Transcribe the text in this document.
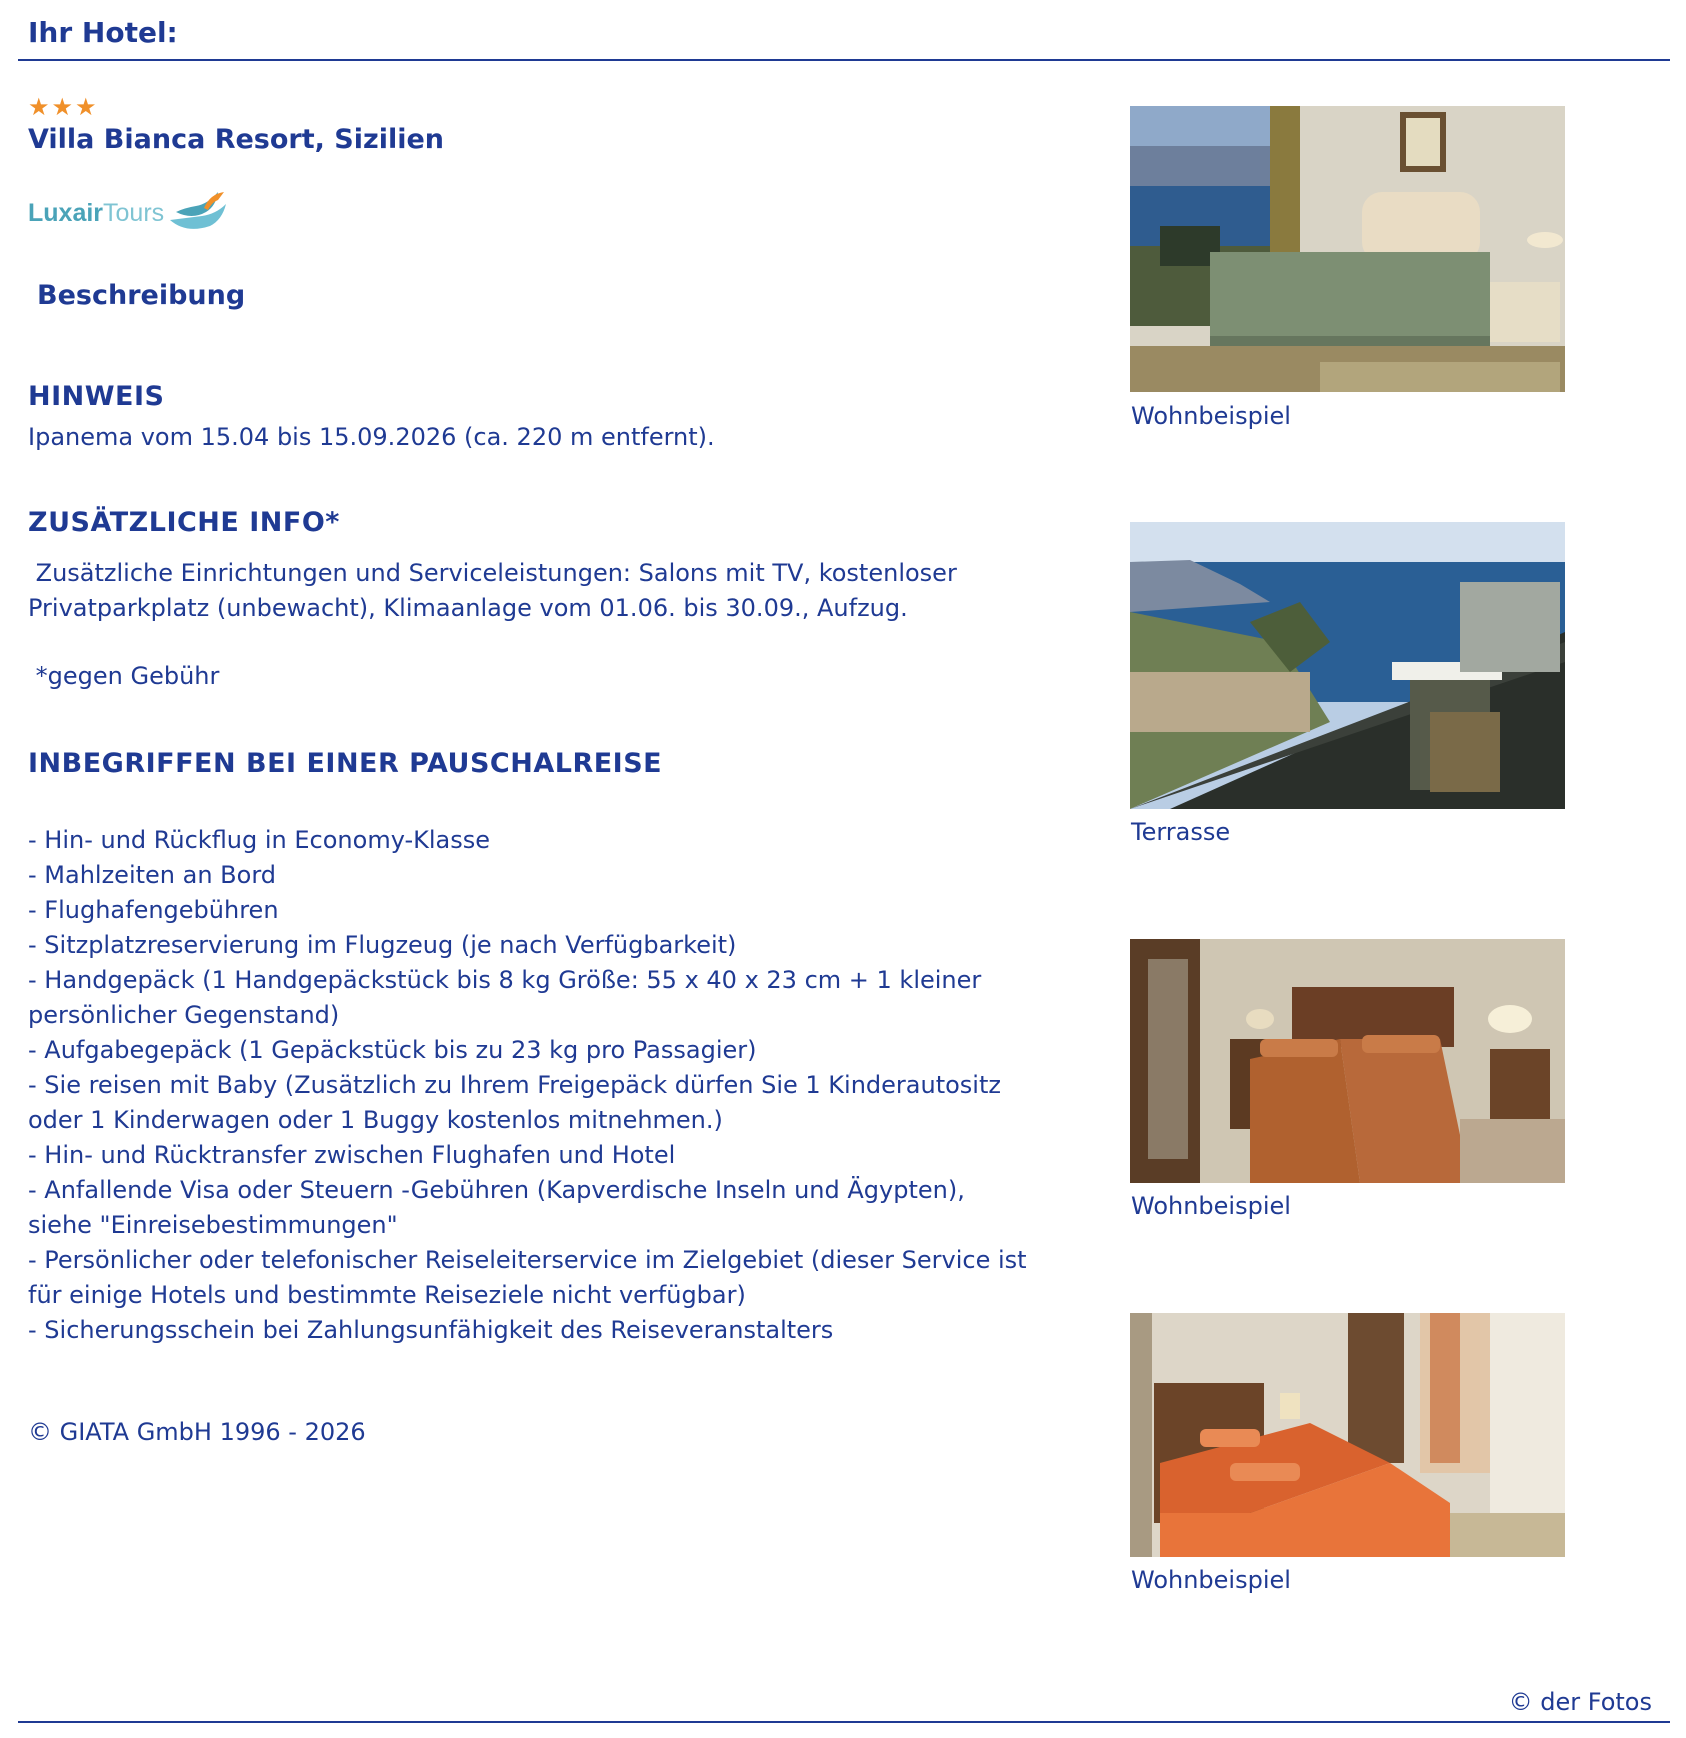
Ihr Hotel:
★★★
Villa Bianca Resort, Sizilien
LuxairTours
Beschreibung
HINWEIS
Ipanema vom 15.04 bis 15.09.2026 (ca. 220 m entfernt).
ZUSÄTZLICHE INFO*
Zusätzliche Einrichtungen und Serviceleistungen: Salons mit TV, kostenloser
Privatparkplatz (unbewacht), Klimaanlage vom 01.06. bis 30.09., Aufzug.
*gegen Gebühr
INBEGRIFFEN BEI EINER PAUSCHALREISE
- Hin- und Rückflug in Economy-Klasse
- Mahlzeiten an Bord
- Flughafengebühren
- Sitzplatzreservierung im Flugzeug (je nach Verfügbarkeit)
- Handgepäck (1 Handgepäckstück bis 8 kg Größe: 55 x 40 x 23 cm + 1 kleiner
persönlicher Gegenstand)
- Aufgabegepäck (1 Gepäckstück bis zu 23 kg pro Passagier)
- Sie reisen mit Baby (Zusätzlich zu Ihrem Freigepäck dürfen Sie 1 Kinderautositz
oder 1 Kinderwagen oder 1 Buggy kostenlos mitnehmen.)
- Hin- und Rücktransfer zwischen Flughafen und Hotel
- Anfallende Visa oder Steuern -Gebühren (Kapverdische Inseln und Ägypten),
siehe "Einreisebestimmungen"
- Persönlicher oder telefonischer Reiseleiterservice im Zielgebiet (dieser Service ist
für einige Hotels und bestimmte Reiseziele nicht verfügbar)
- Sicherungsschein bei Zahlungsunfähigkeit des Reiseveranstalters
© GIATA GmbH 1996 - 2026
Wohnbeispiel
Terrasse
Wohnbeispiel
Wohnbeispiel
© der Fotos
